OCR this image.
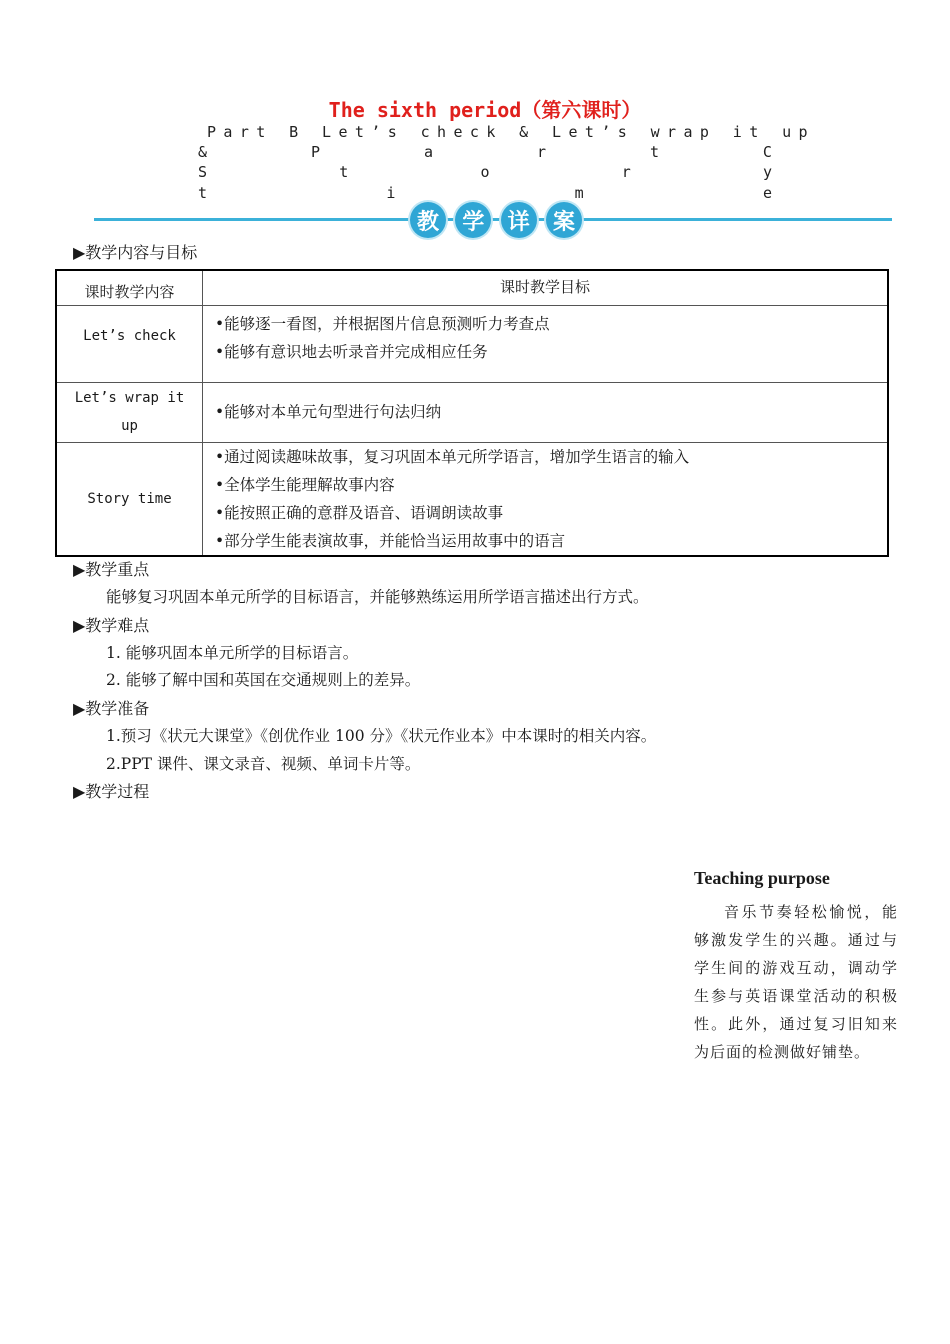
The sixth period（第六课时）
Part B Let’s check & Let’s wrap it up
&	P	a	r	t	C
S	t	o	r	y
t	i	m	e
教	学	详	案
▶教学内容与目标
课时教学内容	课时教学目标
Let’s check	•能够逐一看图，并根据图片信息预测听力考查点
•能够有意识地去听录音并完成相应任务

Let’s wrap it
up	•能够对本单元句型进行句法归纳

Story time	•通过阅读趣味故事，复习巩固本单元所学语言，增加学生语言的输入
•全体学生能理解故事内容
•能按照正确的意群及语音、语调朗读故事
•部分学生能表演故事，并能恰当运用故事中的语言
▶教学重点
能够复习巩固本单元所学的目标语言，并能够熟练运用所学语言描述出行方式。
▶教学难点
1. 能够巩固本单元所学的目标语言。
2. 能够了解中国和英国在交通规则上的差异。
▶教学准备
1.预习《状元大课堂》《创优作业 100 分》《状元作业本》中本课时的相关内容。
2.PPT 课件、课文录音、视频、单词卡片等。
▶教学过程
Teaching purpose
音乐节奏轻松愉悦，能够激发学生的兴趣。通过与学生间的游戏互动，调动学生参与英语课堂活动的积极性。此外，通过复习旧知来为后面的检测做好铺垫。
